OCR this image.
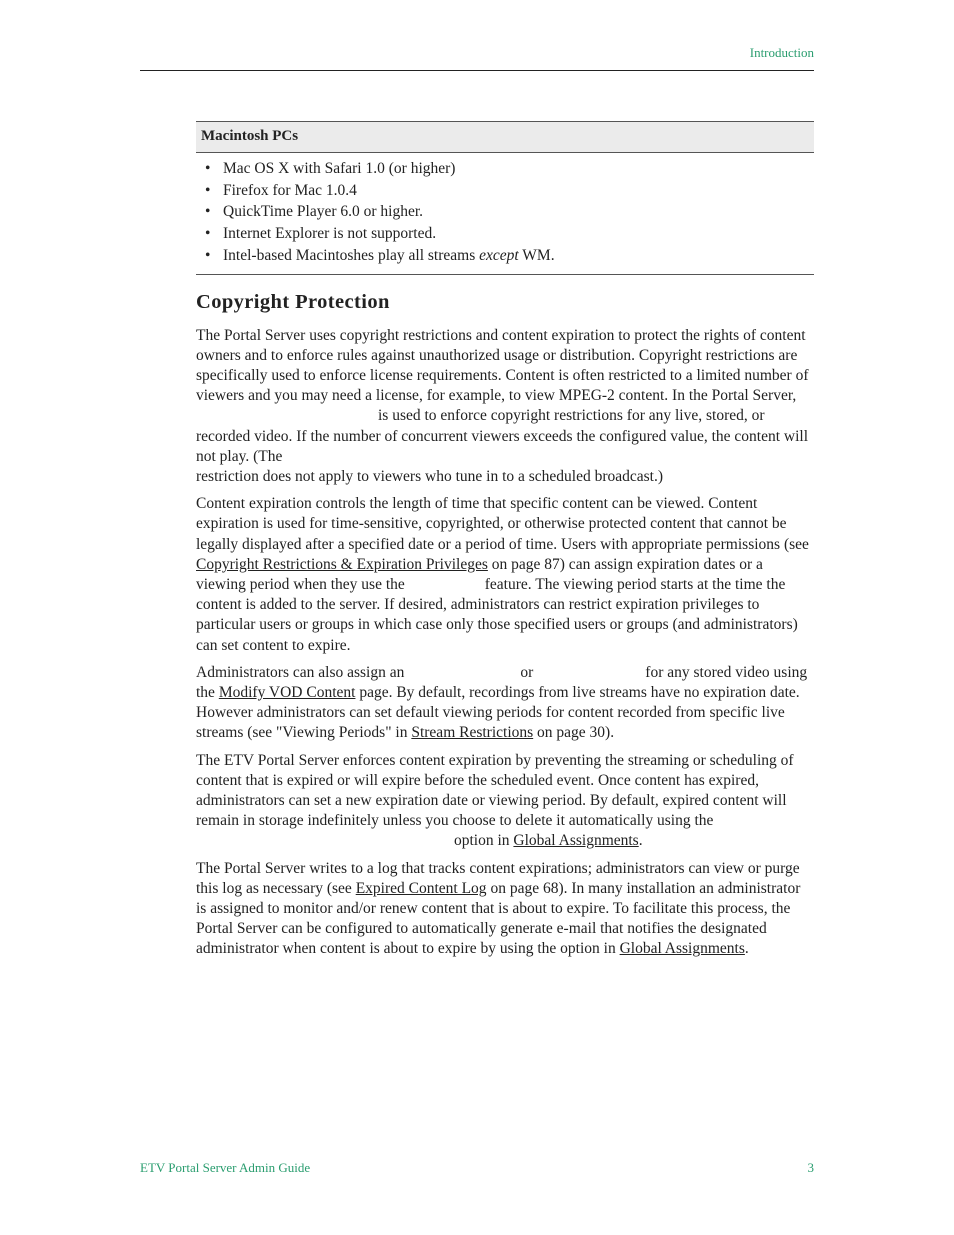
Introduction
Macintosh PCs

• Mac OS X with Safari 1.0 (or higher)
• Firefox for Mac 1.0.4
• QuickTime Player 6.0 or higher.
• Internet Explorer is not supported.
• Intel-based Macintoshes play all streams except WM.
Copyright Protection

The Portal Server uses copyright restrictions and content expiration to protect the rights of content owners and to enforce rules against unauthorized usage or distribution. Copyright restrictions are specifically used to enforce license requirements. Content is often restricted to a limited number of viewers and you may need a license, for example, to view MPEG-2 content. In the Portal Server,is used to enforce copyright restrictions for any live, stored, or recorded video. If the number of concurrent viewers exceeds the configured value, the content will not play. (The
restriction does not apply to viewers who tune in to a scheduled broadcast.)

Content expiration controls the length of time that specific content can be viewed. Content expiration is used for time-sensitive, copyrighted, or otherwise protected content that cannot be legally displayed after a specified date or a period of time. Users with appropriate permissions (see Copyright Restrictions & Expiration Privileges on page 87) can assign expiration dates or a viewing period when they use the	feature. The viewing period starts at the time the content is added to the server. If desired, administrators can restrict expiration privileges to particular users or groups in which case only those specified users or groups (and administrators) can set content to expire.

Administrators can also assign an	or	for any stored video using the Modify VOD Content page. By default, recordings from live streams have no expiration date. However administrators can set default viewing periods for content recorded from specific live streams (see "Viewing Periods" in Stream Restrictions on page 30).

The ETV Portal Server enforces content expiration by preventing the streaming or scheduling of content that is expired or will expire before the scheduled event. Once content has expired, administrators can set a new expiration date or viewing period. By default, expired content will remain in storage indefinitely unless you choose to delete it automatically using theoption in Global Assignments.

The Portal Server writes to a log that tracks content expirations; administrators can view or purge this log as necessary (see Expired Content Log on page 68). In many installation an administrator is assigned to monitor and/or renew content that is about to expire. To facilitate this process, the Portal Server can be configured to automatically generate e-mail that notifies the designated administrator when content is about to expire by using the option in Global Assignments.

ETV Portal Server Admin Guide	3
